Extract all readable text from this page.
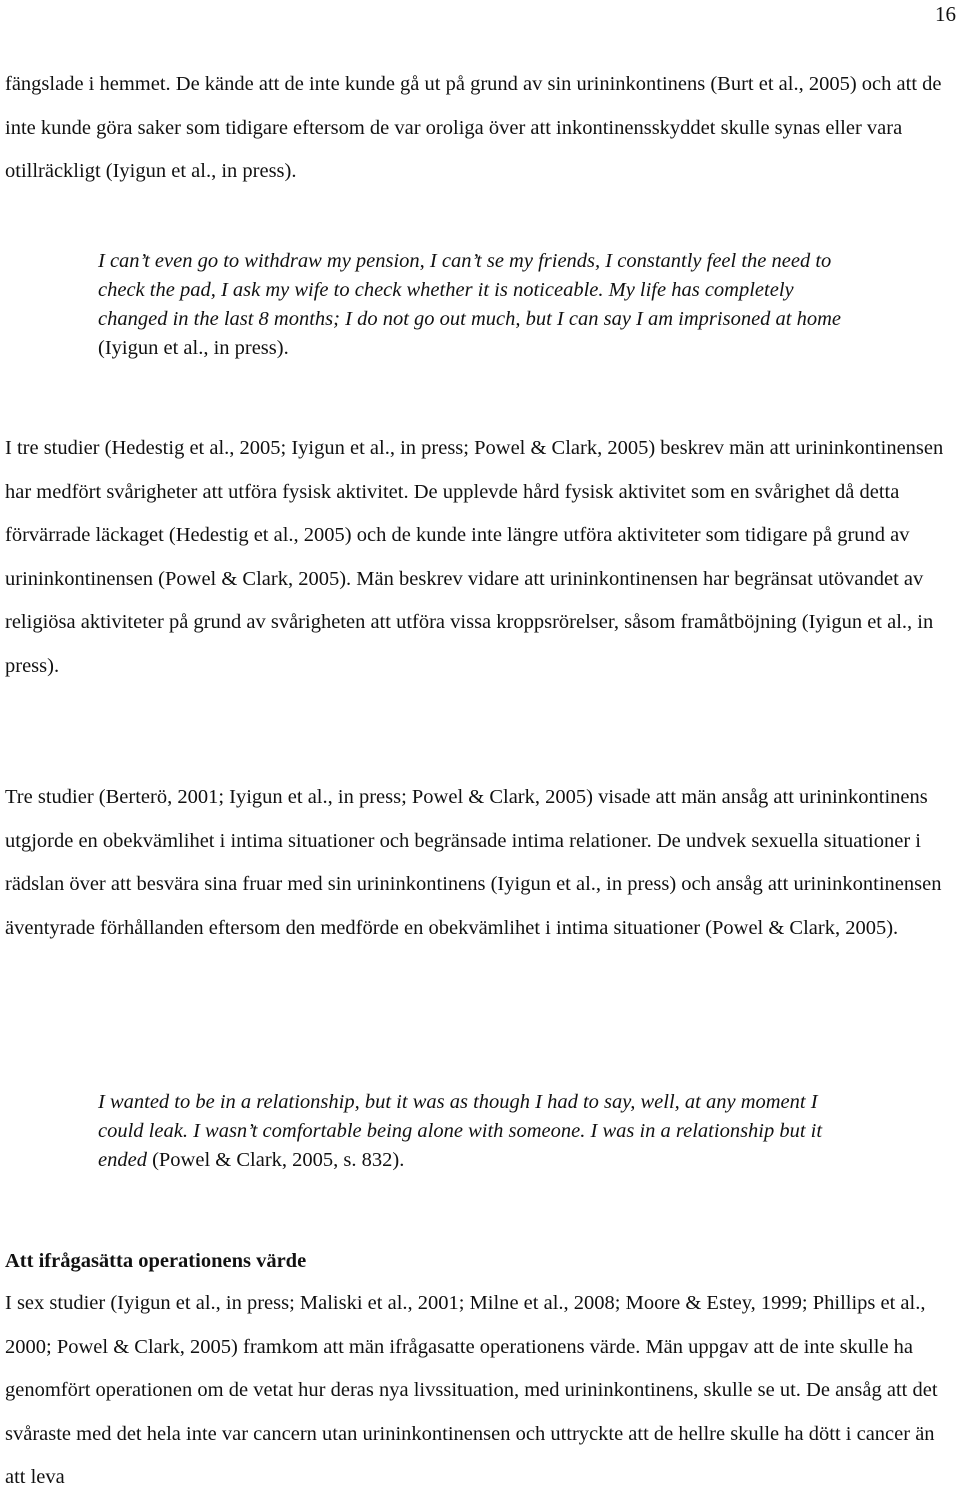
16

fängslade i hemmet. De kände att de inte kunde gå ut på grund av sin urininkontinens (Burt et al., 2005) och att de inte kunde göra saker som tidigare eftersom de var oroliga över att inkontinensskyddet skulle synas eller vara otillräckligt (Iyigun et al., in press).

I can’t even go to withdraw my pension, I can’t se my friends, I constantly feel the need to check the pad, I ask my wife to check whether it is noticeable. My life has completely changed in the last 8 months; I do not go out much, but I can say I am imprisoned at home (Iyigun et al., in press).

I tre studier (Hedestig et al., 2005; Iyigun et al., in press; Powel & Clark, 2005) beskrev män att urininkontinensen har medfört svårigheter att utföra fysisk aktivitet. De upplevde hård fysisk aktivitet som en svårighet då detta förvärrade läckaget (Hedestig et al., 2005) och de kunde inte längre utföra aktiviteter som tidigare på grund av urininkontinensen (Powel & Clark, 2005). Män beskrev vidare att urininkontinensen har begränsat utövandet av religiösa aktiviteter på grund av svårigheten att utföra vissa kroppsrörelser, såsom framåtböjning (Iyigun et al., in press).

Tre studier (Berterö, 2001; Iyigun et al., in press; Powel & Clark, 2005) visade att män ansåg att urininkontinens utgjorde en obekvämlihet i intima situationer och begränsade intima relationer. De undvek sexuella situationer i rädslan över att besvära sina fruar med sin urininkontinens (Iyigun et al., in press) och ansåg att urininkontinensen äventyrade förhållanden eftersom den medförde en obekvämlihet i intima situationer (Powel & Clark, 2005).

I wanted to be in a relationship, but it was as though I had to say, well, at any moment I could leak. I wasn’t comfortable being alone with someone. I was in a relationship but it ended (Powel & Clark, 2005, s. 832).

Att ifrågasätta operationens värde

I sex studier (Iyigun et al., in press; Maliski et al., 2001; Milne et al., 2008; Moore & Estey, 1999; Phillips et al., 2000; Powel & Clark, 2005) framkom att män ifrågasatte operationens värde. Män uppgav att de inte skulle ha genomfört operationen om de vetat hur deras nya livssituation, med urininkontinens, skulle se ut. De ansåg att det svåraste med det hela inte var cancern utan urininkontinensen och uttryckte att de hellre skulle ha dött i cancer än att leva
